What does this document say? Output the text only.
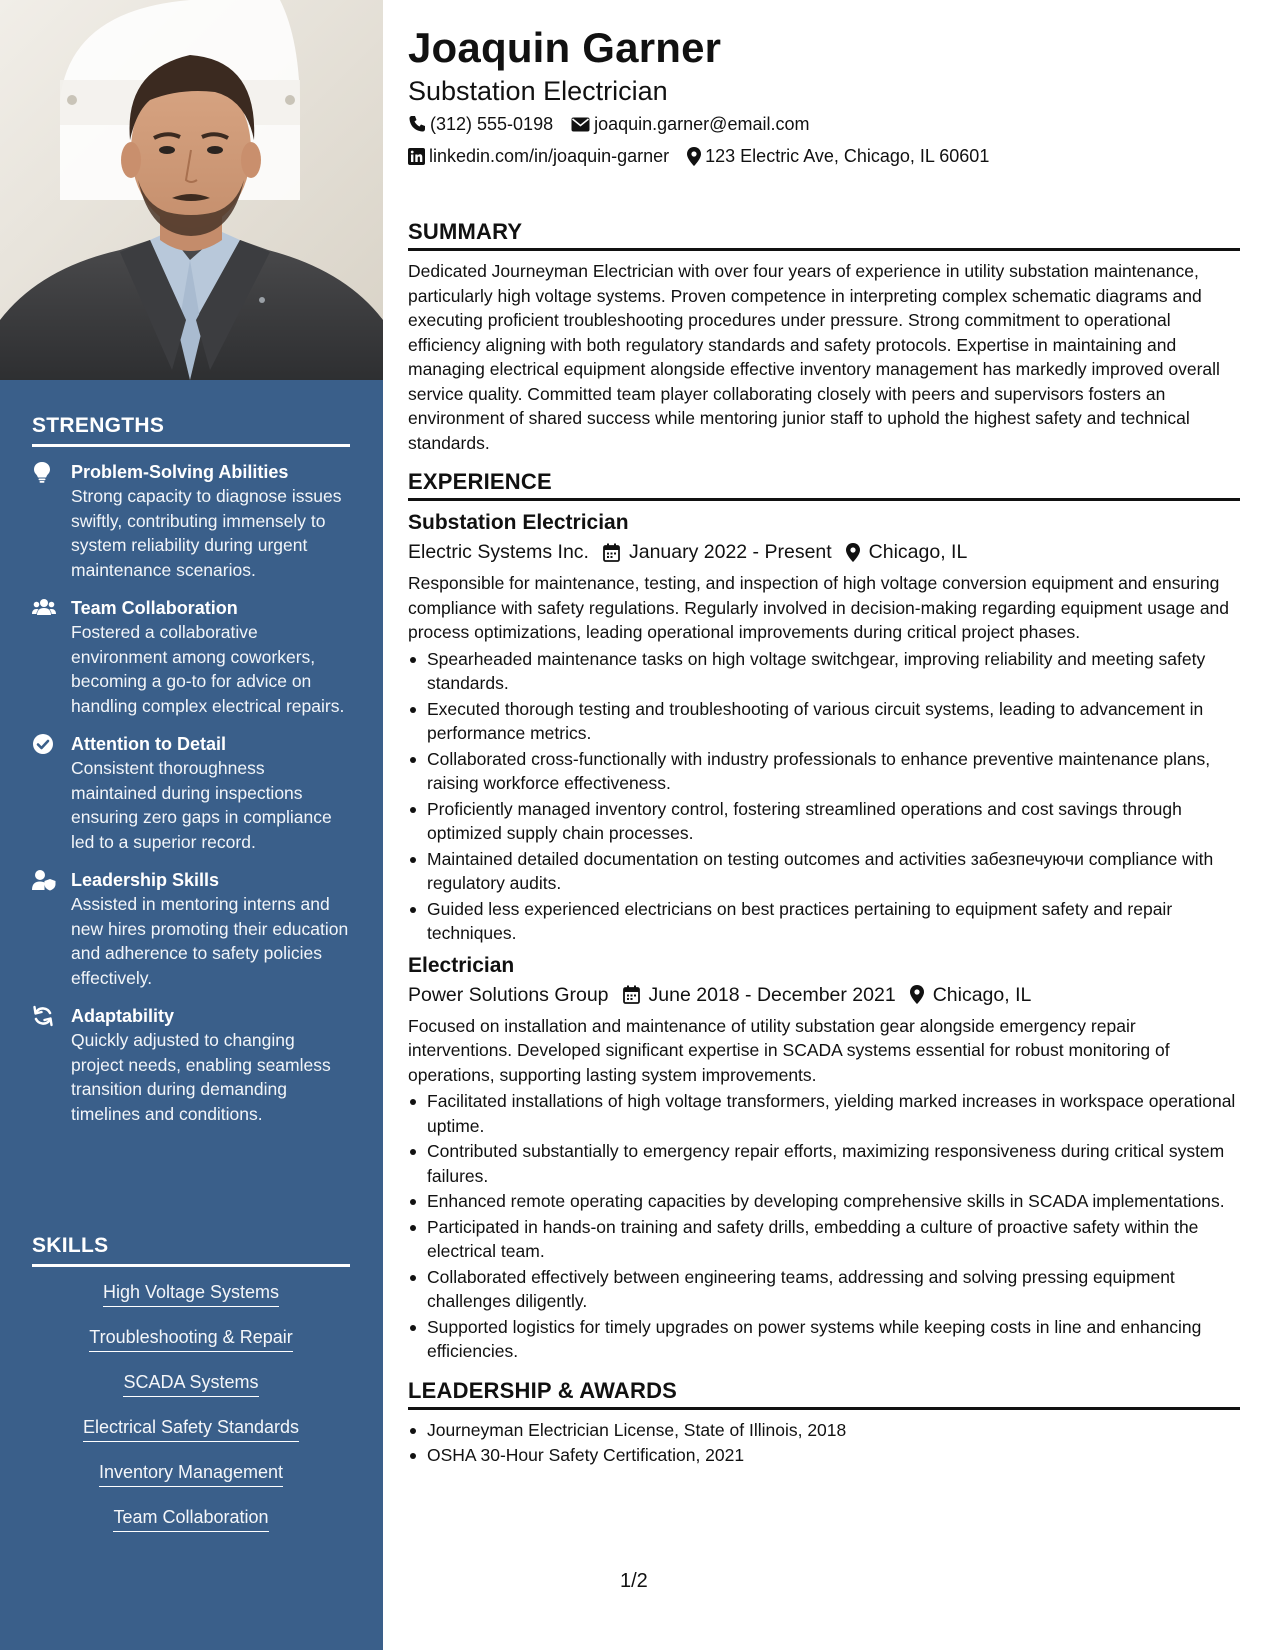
STRENGTHS
Problem-Solving Abilities
Strong capacity to diagnose issues swiftly, contributing immensely to system reliability during urgent maintenance scenarios.
Team Collaboration
Fostered a collaborative environment among coworkers, becoming a go-to for advice on handling complex electrical repairs.
Attention to Detail
Consistent thoroughness maintained during inspections ensuring zero gaps in compliance led to a superior record.
Leadership Skills
Assisted in mentoring interns and new hires promoting their education and adherence to safety policies effectively.
Adaptability
Quickly adjusted to changing project needs, enabling seamless transition during demanding timelines and conditions.
SKILLS
High Voltage Systems
Troubleshooting & Repair
SCADA Systems
Electrical Safety Standards
Inventory Management
Team Collaboration
Joaquin Garner
Substation Electrician
(312) 555-0198 joaquin.garner@email.com
linkedin.com/in/joaquin-garner 123 Electric Ave, Chicago, IL 60601
SUMMARY

Dedicated Journeyman Electrician with over four years of experience in utility substation maintenance, particularly high voltage systems. Proven competence in interpreting complex schematic diagrams and executing proficient troubleshooting procedures under pressure. Strong commitment to operational efficiency aligning with both regulatory standards and safety protocols. Expertise in maintaining and managing electrical equipment alongside effective inventory management has markedly improved overall service quality. Committed team player collaborating closely with peers and supervisors fosters an environment of shared success while mentoring junior staff to uphold the highest safety and technical standards.

EXPERIENCE
Substation Electrician
Electric Systems Inc. January 2022 - Present Chicago, IL

Responsible for maintenance, testing, and inspection of high voltage conversion equipment and ensuring compliance with safety regulations. Regularly involved in decision-making regarding equipment usage and process optimizations, leading operational improvements during critical project phases.

Spearheaded maintenance tasks on high voltage switchgear, improving reliability and meeting safety standards.
Executed thorough testing and troubleshooting of various circuit systems, leading to advancement in performance metrics.
Collaborated cross-functionally with industry professionals to enhance preventive maintenance plans, raising workforce effectiveness.
Proficiently managed inventory control, fostering streamlined operations and cost savings through optimized supply chain processes.
Maintained detailed documentation on testing outcomes and activities забезпечуючи compliance with regulatory audits.
Guided less experienced electricians on best practices pertaining to equipment safety and repair techniques.
Electrician
Power Solutions Group June 2018 - December 2021 Chicago, IL

Focused on installation and maintenance of utility substation gear alongside emergency repair interventions. Developed significant expertise in SCADA systems essential for robust monitoring of operations, supporting lasting system improvements.

Facilitated installations of high voltage transformers, yielding marked increases in workspace operational uptime.
Contributed substantially to emergency repair efforts, maximizing responsiveness during critical system failures.
Enhanced remote operating capacities by developing comprehensive skills in SCADA implementations.
Participated in hands-on training and safety drills, embedding a culture of proactive safety within the electrical team.
Collaborated effectively between engineering teams, addressing and solving pressing equipment challenges diligently.
Supported logistics for timely upgrades on power systems while keeping costs in line and enhancing efficiencies.
LEADERSHIP & AWARDS
Journeyman Electrician License, State of Illinois, 2018
OSHA 30-Hour Safety Certification, 2021
1/2
